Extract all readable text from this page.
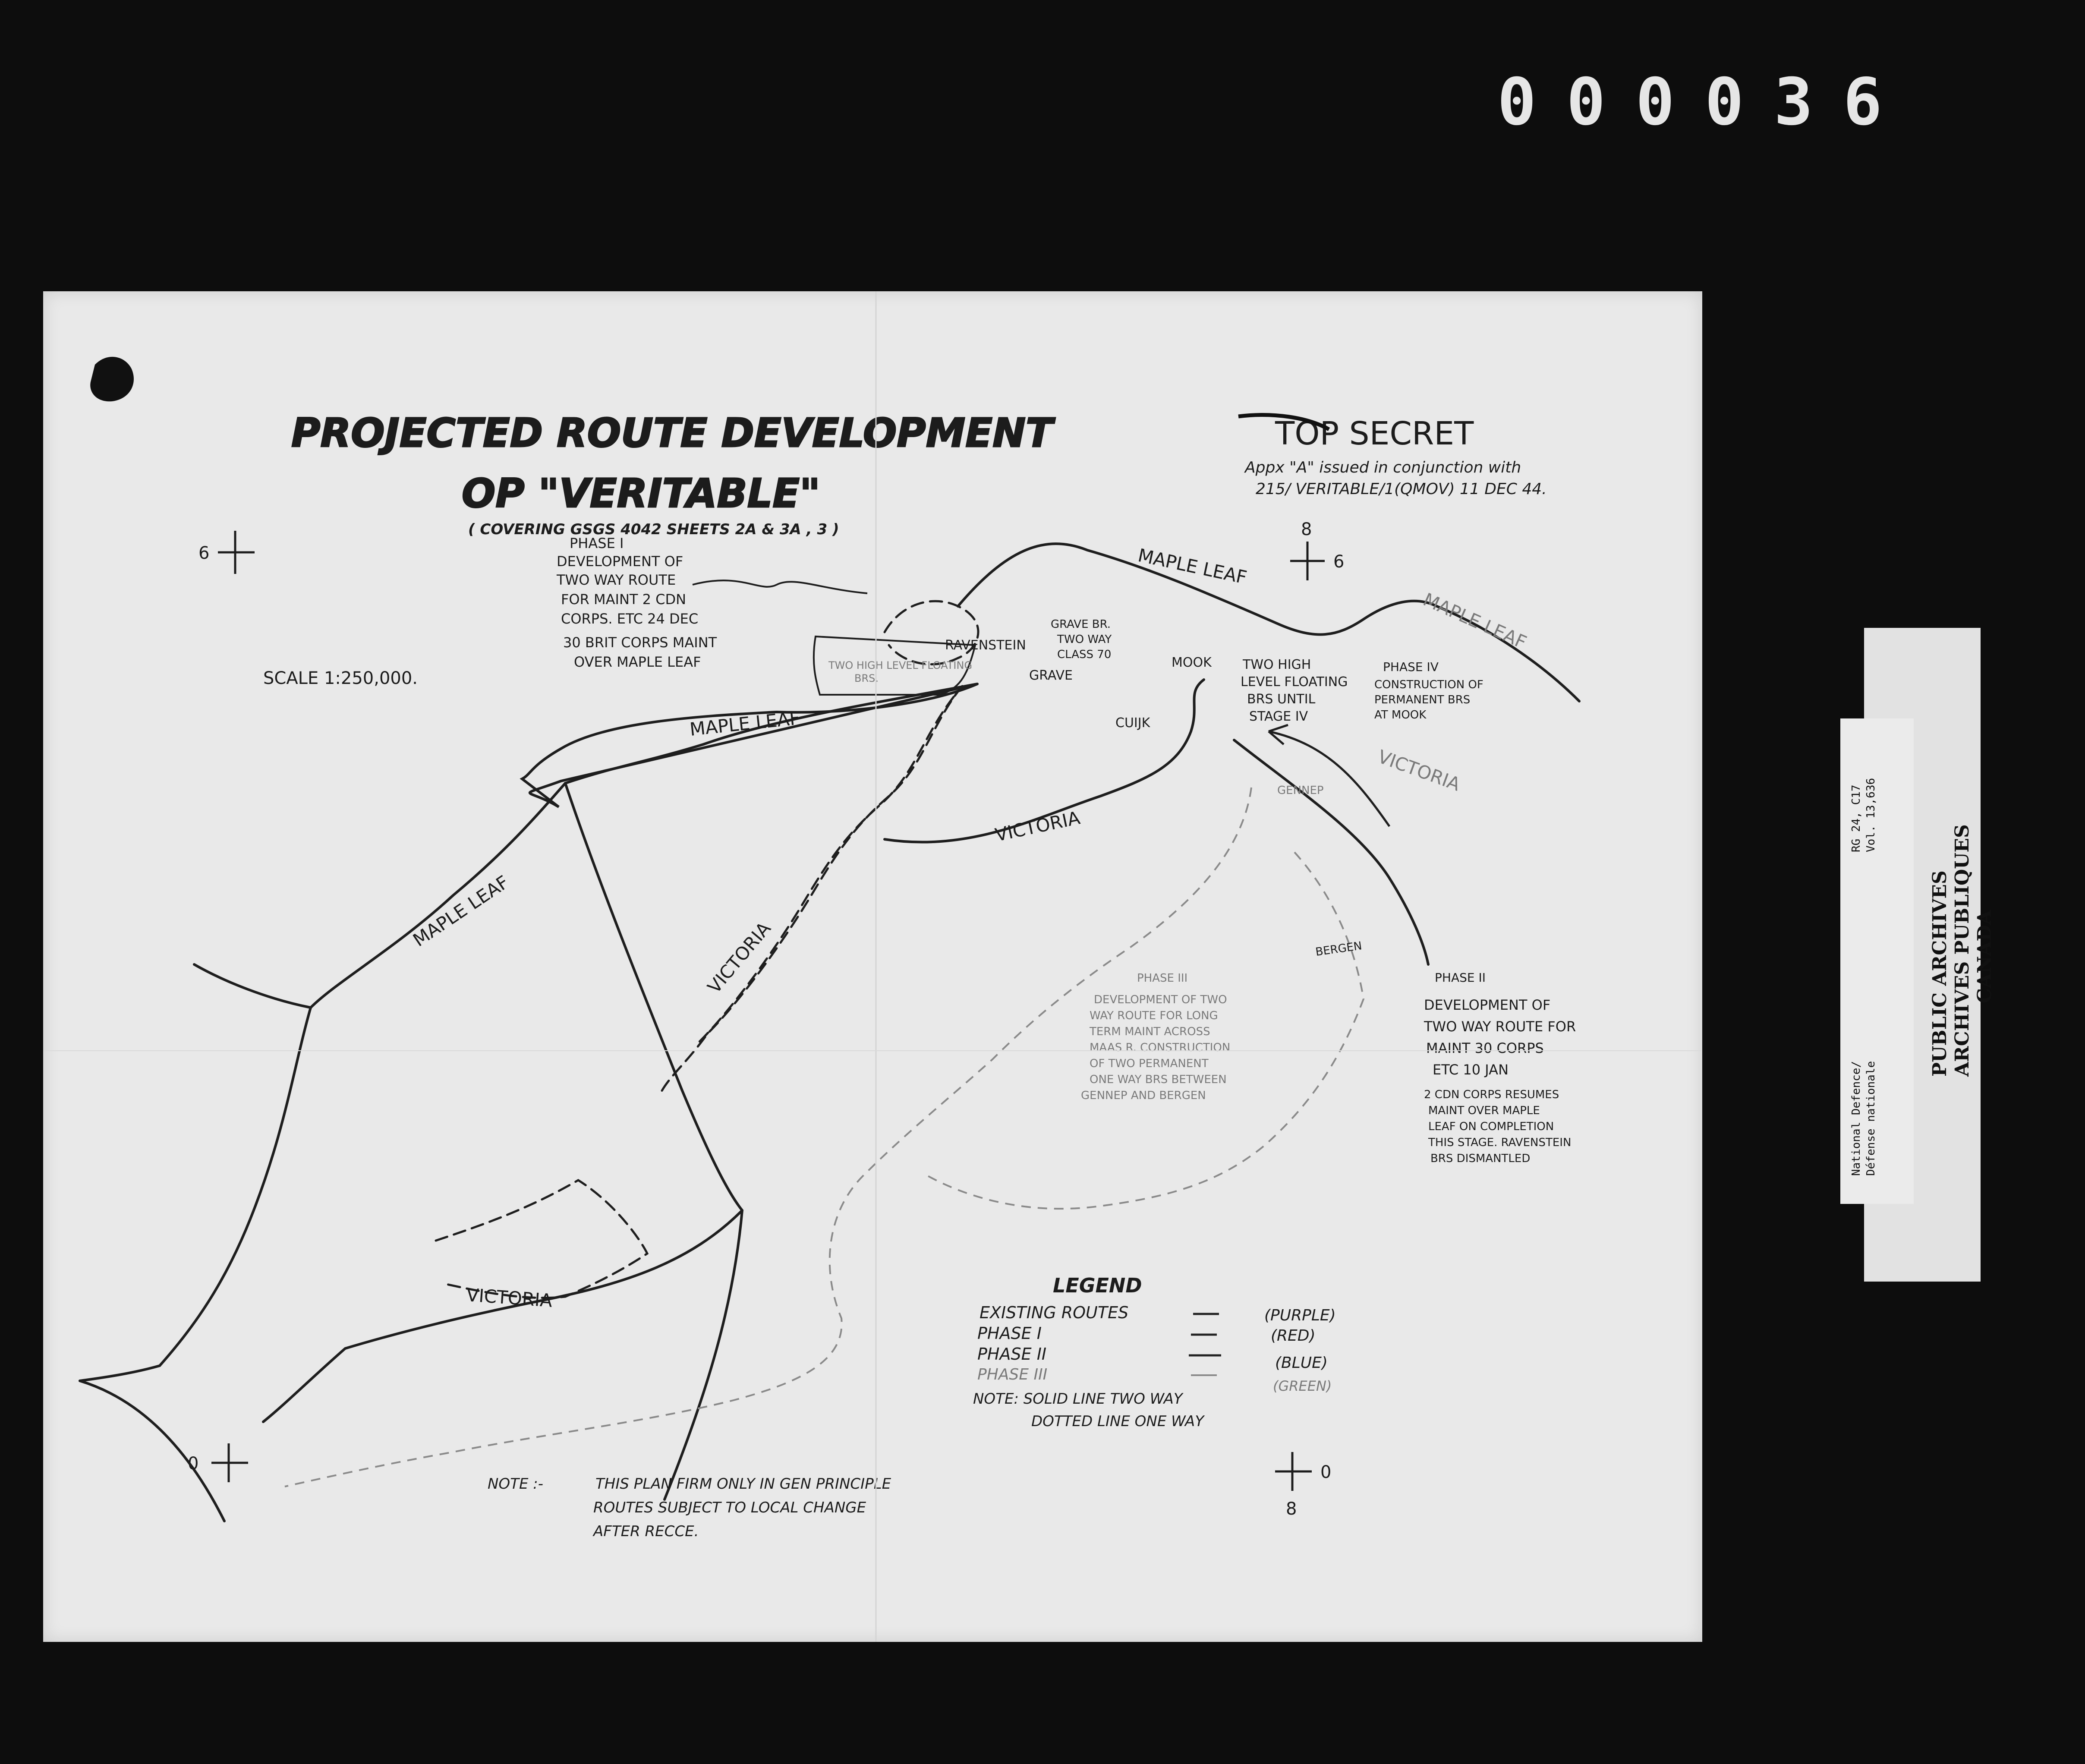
000036
PROJECTED ROUTE DEVELOPMENT
OP "VERITABLE"
( COVERING GSGS 4042 SHEETS 2A & 3A , 3 )
TOP SECRET
Appx "A" issued in conjunction with
215/ VERITABLE/1(QMOV) 11 DEC 44.
SCALE 1:250,000.
6
8
6
0	0
8
MAPLE LEAF
MAPLE LEAF
MAPLE LEAF
MAPLE LEAF
VICTORIA
VICTORIA
VICTORIA
VICTORIA
RAVENSTEIN
GRAVE
MOOK
CUIJK
GENNEP
BERGEN
PHASE I
DEVELOPMENT OF
TWO WAY ROUTE
FOR MAINT 2 CDN
CORPS. ETC 24 DEC
30 BRIT CORPS MAINT
OVER MAPLE LEAF	TWO HIGH LEVEL FLOATING
BRS.
GRAVE BR.
TWO WAY
CLASS 70
TWO HIGH
LEVEL FLOATING
BRS UNTIL
STAGE IV
PHASE IV
CONSTRUCTION OF
PERMANENT BRS
AT MOOK
PHASE III
DEVELOPMENT OF TWO
WAY ROUTE FOR LONG
TERM MAINT ACROSS
MAAS R. CONSTRUCTION
OF TWO PERMANENT
ONE WAY BRS BETWEEN
GENNEP AND BERGEN
PHASE II
DEVELOPMENT OF
TWO WAY ROUTE FOR
MAINT 30 CORPS
ETC 10 JAN
2 CDN CORPS RESUMES
MAINT OVER MAPLE
LEAF ON COMPLETION
THIS STAGE. RAVENSTEIN
BRS DISMANTLED
LEGEND
EXISTING ROUTES	(PURPLE)
PHASE I	(RED)
PHASE II	(BLUE)
PHASE III
(GREEN)
NOTE: SOLID LINE TWO WAY
DOTTED LINE ONE WAY
NOTE :-	THIS PLAN FIRM ONLY IN GEN PRINCIPLE
ROUTES SUBJECT TO LOCAL CHANGE
AFTER RECCE.
PUBLIC ARCHIVES ARCHIVES PUBLIQUES CANADA
RG 24, C17 Vol. 13,636
National Defence/ Défense nationale
